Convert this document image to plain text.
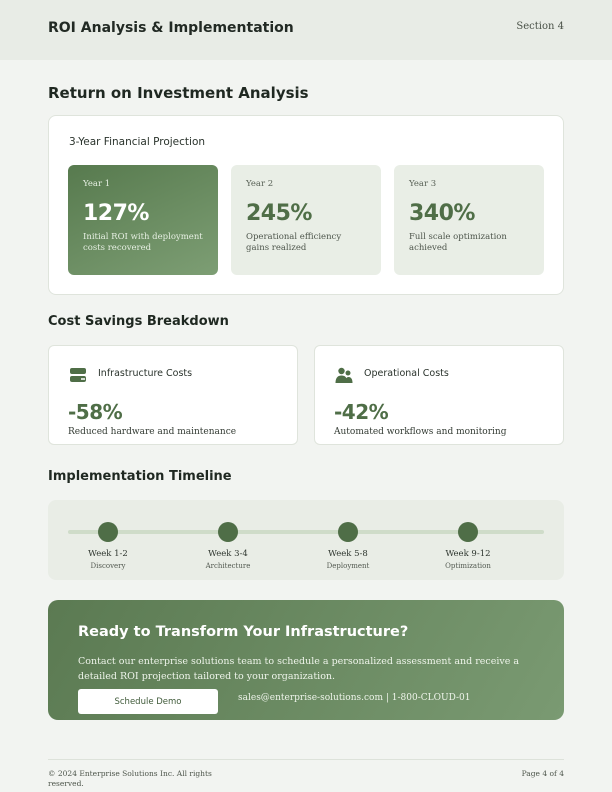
ROI Analysis & Implementation	Section 4
Return on Investment Analysis
3-Year Financial Projection
Year 1
127%
Initial ROI with deployment costs recovered
Year 2
245%
Operational efficiency gains realized
Year 3
340%
Full scale optimization achieved
Cost Savings Breakdown
Infrastructure Costs
-58%
Reduced hardware and maintenance
Operational Costs
-42%
Automated workflows and monitoring
Implementation Timeline
Week 1-2
Discovery
Week 3-4
Architecture
Week 5-8
Deployment
Week 9-12
Optimization
Ready to Transform Your Infrastructure?
Contact our enterprise solutions team to schedule a personalized assessment and receive a detailed ROI projection tailored to your organization.
Schedule Demo	sales@enterprise-solutions.com | 1-800-CLOUD-01
© 2024 Enterprise Solutions Inc. All rights reserved.
Page 4 of 4
